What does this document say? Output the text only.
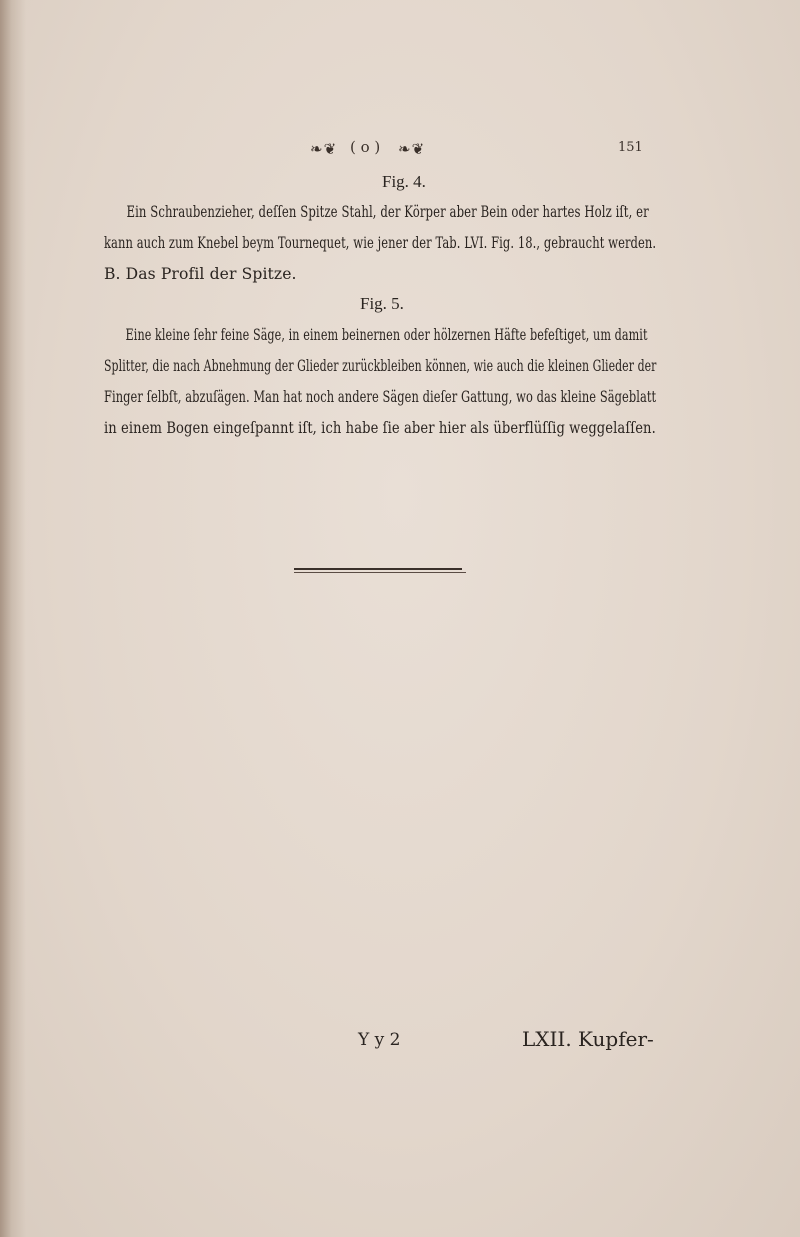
❧❦ ( o ) ❧❦	151
Fig. 4.

Ein Schraubenzieher, deſſen Spitze Stahl, der Körper aber Bein oder hartes Holz iſt, er
kann auch zum Knebel beym Tournequet, wie jener der Tab. LVI. Fig. 18., gebraucht werden.
B. Das Profil der Spitze.

Fig. 5.

Eine kleine ſehr feine Säge, in einem beinernen oder hölzernen Häfte befeſtiget, um damit
Splitter, die nach Abnehmung der Glieder zurückbleiben können, wie auch die kleinen Glieder der
Finger ſelbſt, abzuſägen. Man hat noch andere Sägen dieſer Gattung, wo das kleine Sägeblatt
in einem Bogen eingeſpannt iſt, ich habe ſie aber hier als überflüſſig weggelaſſen.

Y y 2	LXII. Kupfer-
